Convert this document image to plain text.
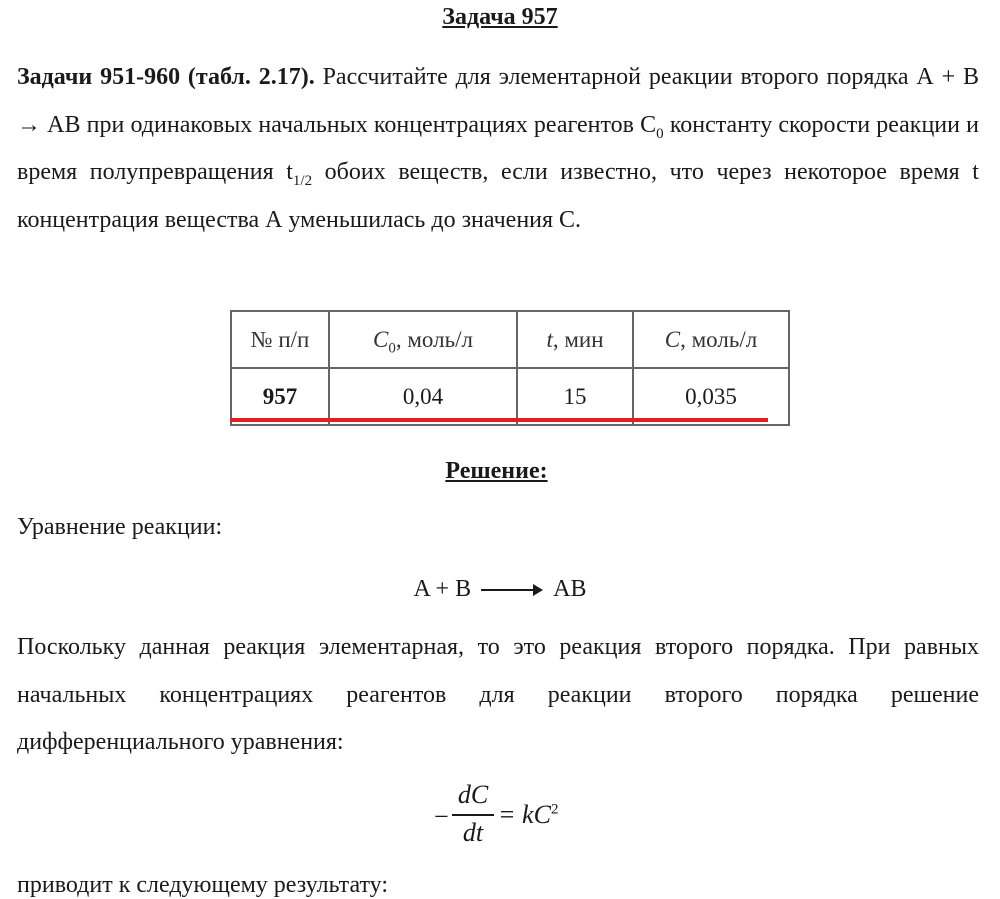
Задача 957
Задачи 951-960 (табл. 2.17). Рассчитайте для элементарной реакции второго порядка А + В → АВ при одинаковых начальных концентрациях реагентов $С_0$ константу скорости реакции и время полупревращения $t_{1/2}$ обоих веществ, если известно, что через некоторое время t концентрация вещества А уменьшилась до значения С.
№ п/п	$C_0$, моль/л	t, мин	C, моль/л
957	0,04	15	0,035
Решение:
Уравнение реакции:
A + B	AB
Поскольку данная реакция элементарная, то это реакция второго порядка. При равных начальных концентрациях реагентов для реакции второго порядка решение дифференциального уравнения:
−
dC
dt
= $kC^2$
приводит к следующему результату:
